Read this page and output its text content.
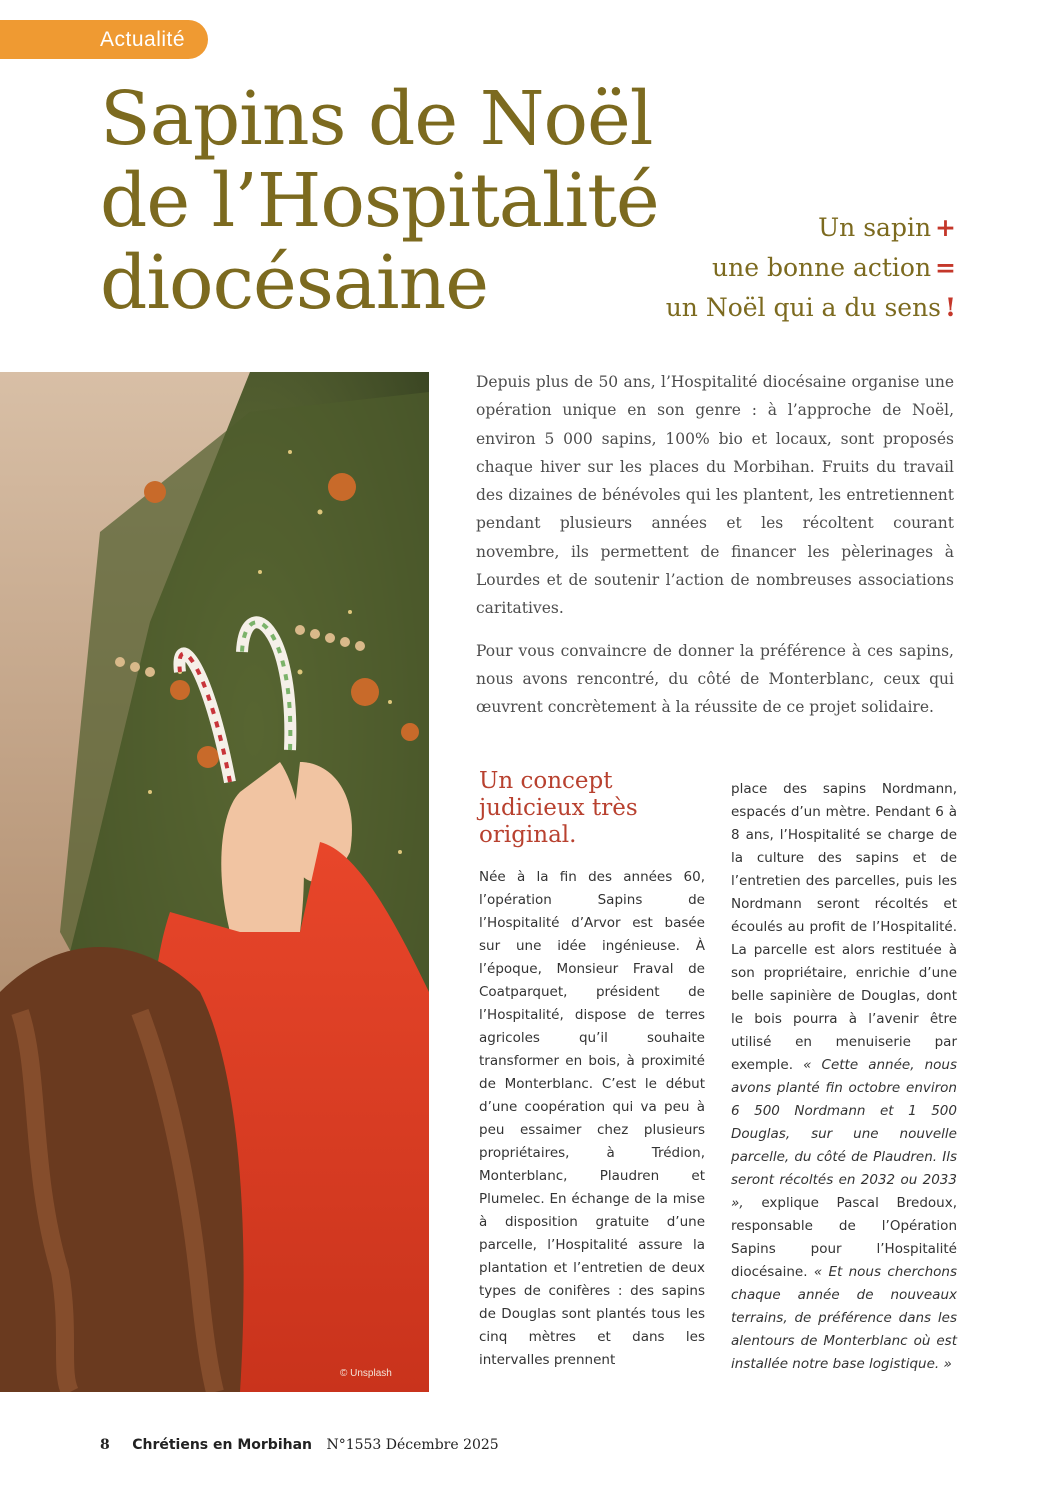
Actualité
Sapins de Noël
de l’Hospitalité
diocésaine
Un sapin +
une bonne action =
un Noël qui a du sens !
© Unsplash

Depuis plus de 50 ans, l’Hospitalité diocésaine organise une opération unique en son genre : à l’approche de Noël, environ 5 000 sapins, 100% bio et locaux, sont proposés chaque hiver sur les places du Morbihan. Fruits du travail des dizaines de bénévoles qui les plantent, les entretiennent pendant plusieurs années et les récoltent courant novembre, ils permettent de financer les pèlerinages à Lourdes et de soutenir l’action de nombreuses associations caritatives.

Pour vous convaincre de donner la préférence à ces sapins, nous avons rencontré, du côté de Monterblanc, ceux qui œuvrent concrètement à la réussite de ce projet solidaire.

Un concept judicieux très original.

Née à la fin des années 60, l’opération Sapins de l’Hospitalité d’Arvor est basée sur une idée ingénieuse. À l’époque, Monsieur Fraval de Coatparquet, président de l’Hospitalité, dispose de terres agricoles qu’il souhaite transformer en bois, à proximité de Monterblanc. C’est le début d’une coopération qui va peu à peu essaimer chez plusieurs propriétaires, à Trédion, Monterblanc, Plaudren et Plumelec. En échange de la mise à disposition gratuite d’une parcelle, l’Hospitalité assure la plantation et l’entretien de deux types de conifères : des sapins de Douglas sont plantés tous les cinq mètres et dans les intervalles prennent

place des sapins Nordmann, espacés d’un mètre. Pendant 6 à 8 ans, l’Hospitalité se charge de la culture des sapins et de l’entretien des parcelles, puis les Nordmann seront récoltés et écoulés au profit de l’Hospitalité. La parcelle est alors restituée à son propriétaire, enrichie d’une belle sapinière de Douglas, dont le bois pourra à l’avenir être utilisé en menuiserie par exemple. « Cette année, nous avons planté fin octobre environ 6 500 Nordmann et 1 500 Douglas, sur une nouvelle parcelle, du côté de Plaudren. Ils seront récoltés en 2032 ou 2033 », explique Pascal Bredoux, responsable de l’Opération Sapins pour l’Hospitalité diocésaine. « Et nous cherchons chaque année de nouveaux terrains, de préférence dans les alentours de Monterblanc où est installée notre base logistique. »

8 Chrétiens en Morbihan N°1553 Décembre 2025
